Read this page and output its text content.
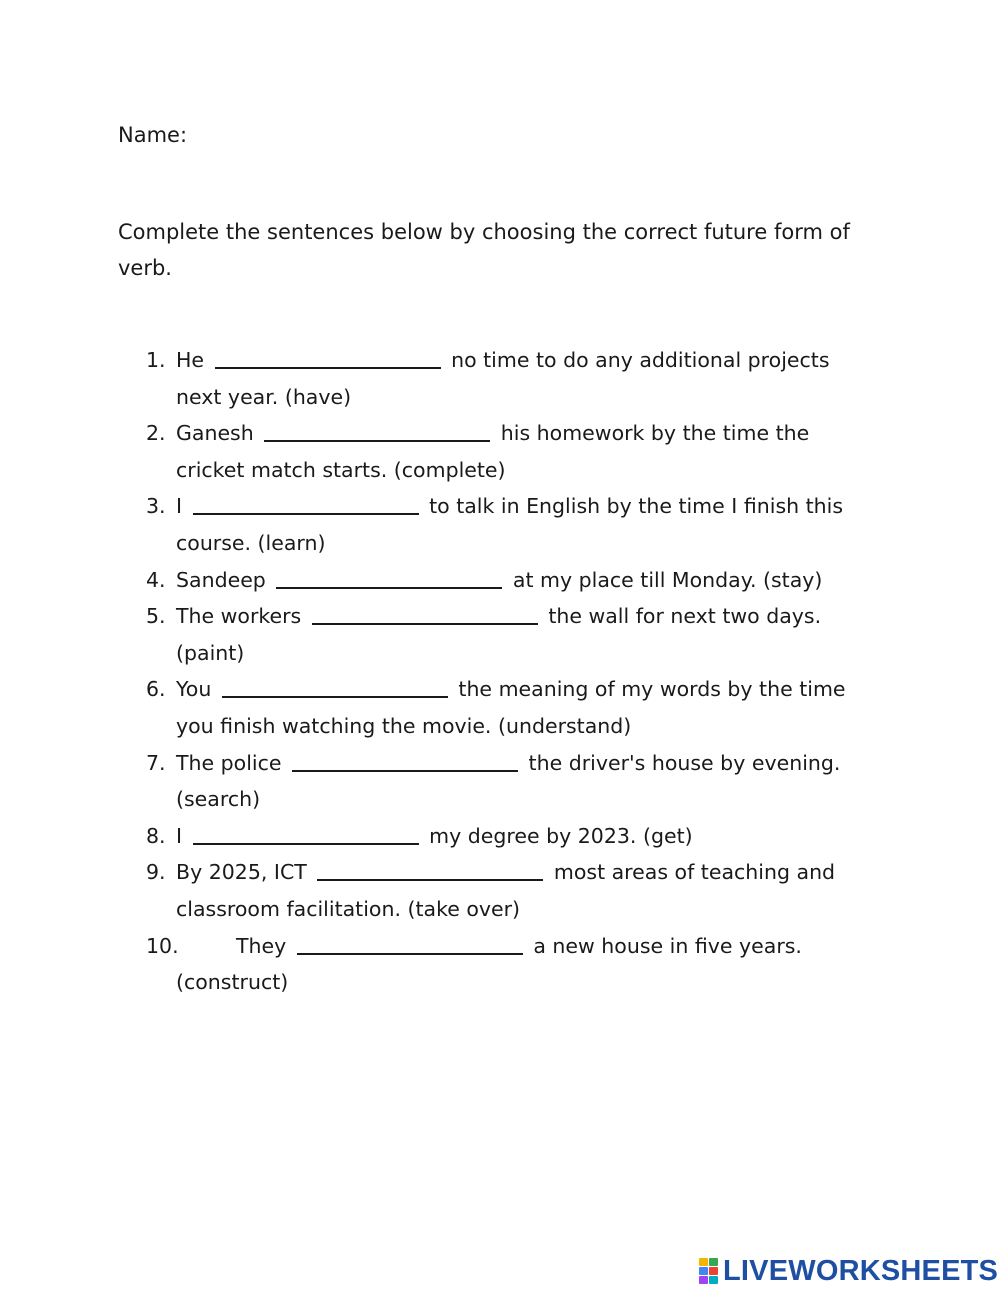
Name:
Complete the sentences below by choosing the correct future form of verb.
1. He	no time to do any additional projects
next year. (have)
2. Ganesh	his homework by the time the
cricket match starts. (complete)
3. I	to talk in English by the time I finish this
course. (learn)
4. Sandeep	at my place till Monday. (stay)
5. The workers	the wall for next two days.
(paint)
6. You	the meaning of my words by the time
you finish watching the movie. (understand)
7. The police	the driver's house by evening.
(search)
8. I	my degree by 2023. (get)
9. By 2025, ICT	most areas of teaching and
classroom facilitation. (take over)
10.	They	a new house in five years.
(construct)
LIVEWORKSHEETS
